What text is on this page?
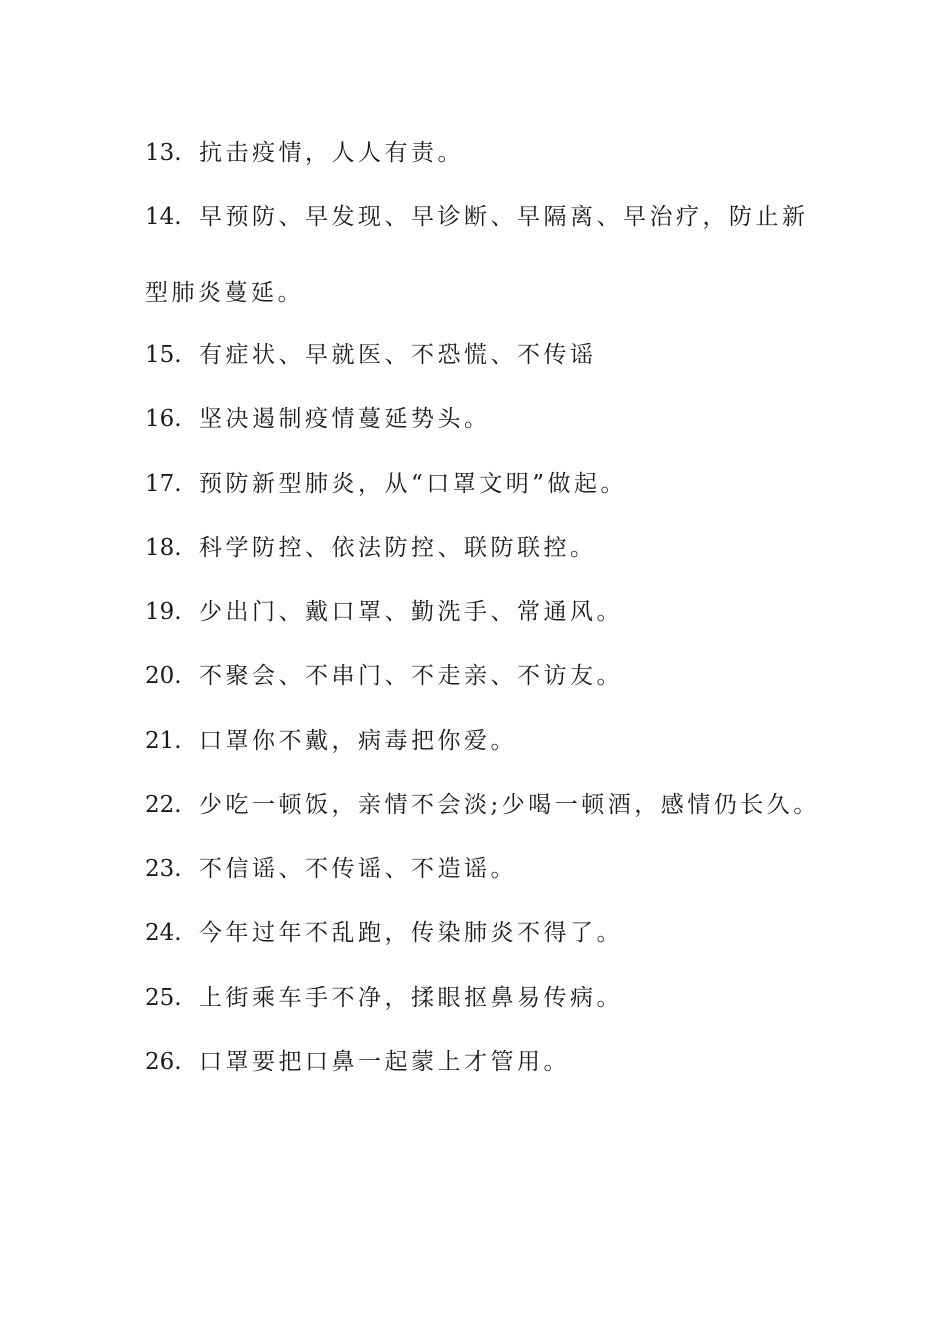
13. 抗击疫情，人人有责。
14. 早预防、早发现、早诊断、早隔离、早治疗，防止新
型肺炎蔓延。
15. 有症状、早就医、不恐慌、不传谣
16. 坚决遏制疫情蔓延势头。
17. 预防新型肺炎，从“口罩文明”做起。
18. 科学防控、依法防控、联防联控。
19. 少出门、戴口罩、勤洗手、常通风。
20. 不聚会、不串门、不走亲、不访友。
21. 口罩你不戴，病毒把你爱。
22. 少吃一顿饭，亲情不会淡;少喝一顿酒，感情仍长久。
23. 不信谣、不传谣、不造谣。
24. 今年过年不乱跑，传染肺炎不得了。
25. 上街乘车手不净，揉眼抠鼻易传病。
26. 口罩要把口鼻一起蒙上才管用。
